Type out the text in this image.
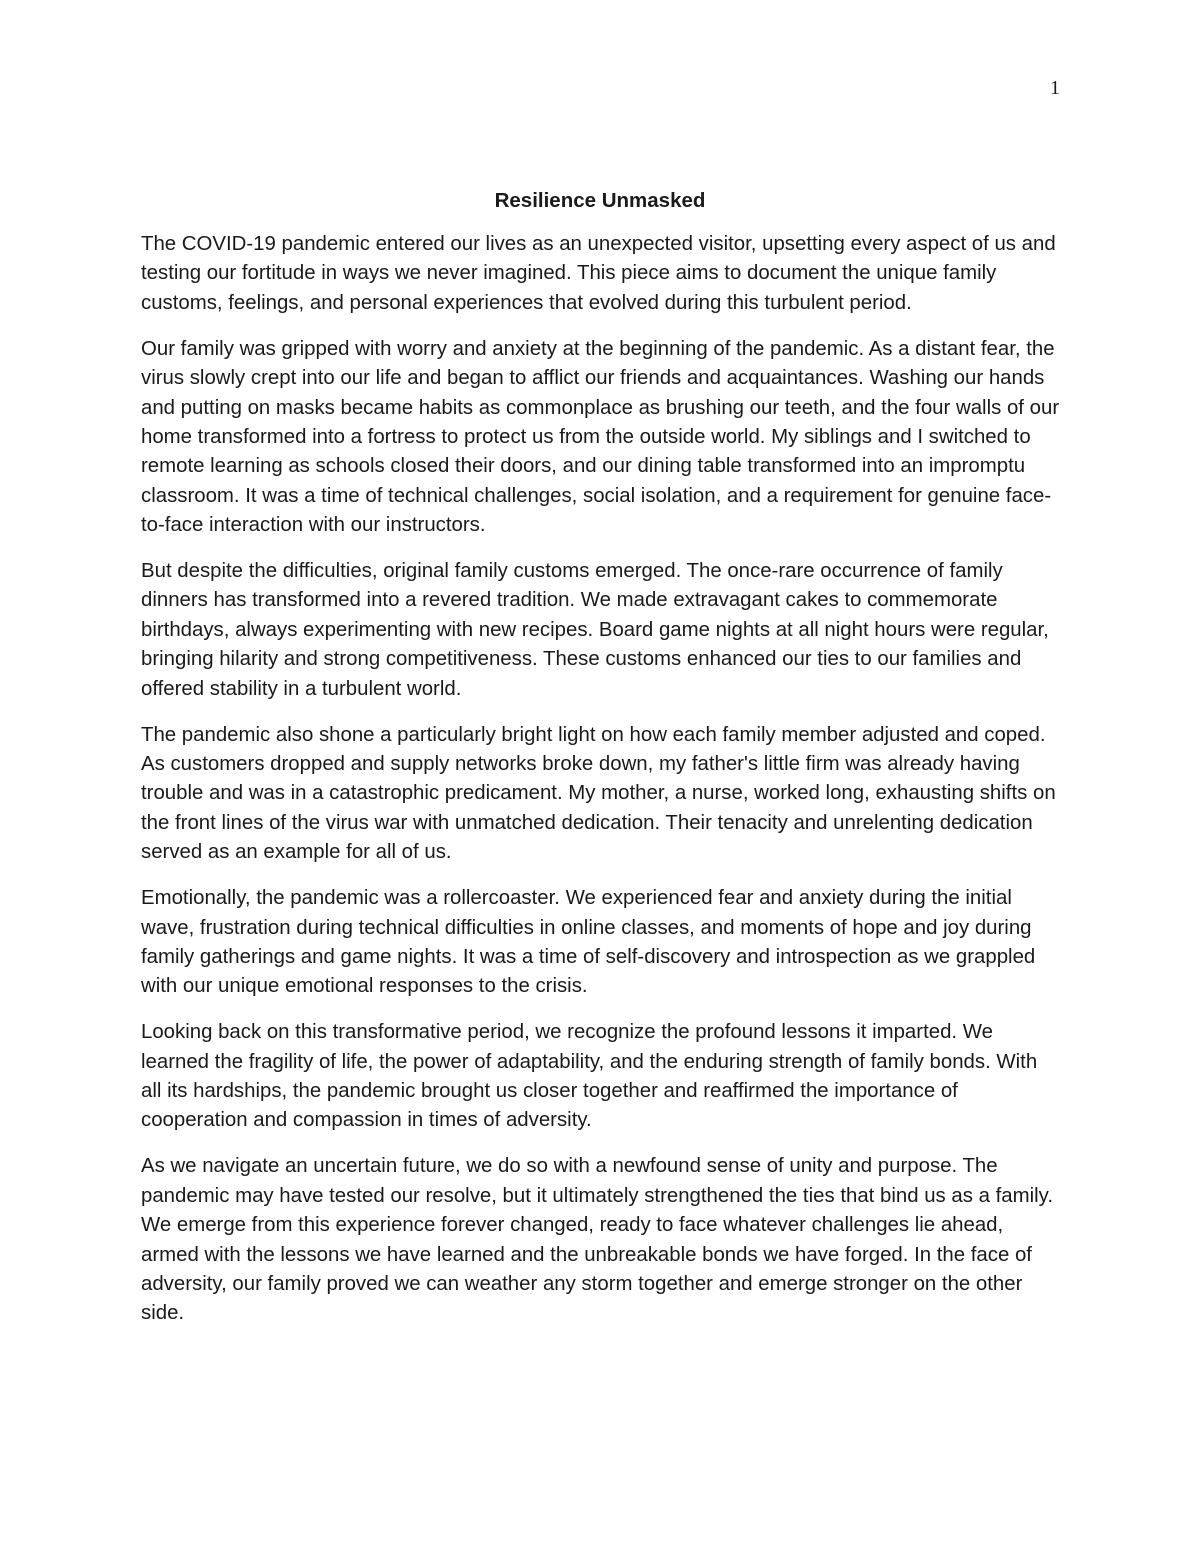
1
Resilience Unmasked

The COVID-19 pandemic entered our lives as an unexpected visitor, upsetting every aspect of us and testing our fortitude in ways we never imagined. This piece aims to document the unique family customs, feelings, and personal experiences that evolved during this turbulent period.

Our family was gripped with worry and anxiety at the beginning of the pandemic. As a distant fear, the virus slowly crept into our life and began to afflict our friends and acquaintances. Washing our hands and putting on masks became habits as commonplace as brushing our teeth, and the four walls of our home transformed into a fortress to protect us from the outside world. My siblings and I switched to remote learning as schools closed their doors, and our dining table transformed into an impromptu classroom. It was a time of technical challenges, social isolation, and a requirement for genuine face-to-face interaction with our instructors.

But despite the difficulties, original family customs emerged. The once-rare occurrence of family dinners has transformed into a revered tradition. We made extravagant cakes to commemorate birthdays, always experimenting with new recipes. Board game nights at all night hours were regular, bringing hilarity and strong competitiveness. These customs enhanced our ties to our families and offered stability in a turbulent world.

The pandemic also shone a particularly bright light on how each family member adjusted and coped. As customers dropped and supply networks broke down, my father's little firm was already having trouble and was in a catastrophic predicament. My mother, a nurse, worked long, exhausting shifts on the front lines of the virus war with unmatched dedication. Their tenacity and unrelenting dedication served as an example for all of us.

Emotionally, the pandemic was a rollercoaster. We experienced fear and anxiety during the initial wave, frustration during technical difficulties in online classes, and moments of hope and joy during family gatherings and game nights. It was a time of self-discovery and introspection as we grappled with our unique emotional responses to the crisis.

Looking back on this transformative period, we recognize the profound lessons it imparted. We learned the fragility of life, the power of adaptability, and the enduring strength of family bonds. With all its hardships, the pandemic brought us closer together and reaffirmed the importance of cooperation and compassion in times of adversity.

As we navigate an uncertain future, we do so with a newfound sense of unity and purpose. The pandemic may have tested our resolve, but it ultimately strengthened the ties that bind us as a family. We emerge from this experience forever changed, ready to face whatever challenges lie ahead, armed with the lessons we have learned and the unbreakable bonds we have forged. In the face of adversity, our family proved we can weather any storm together and emerge stronger on the other side.
